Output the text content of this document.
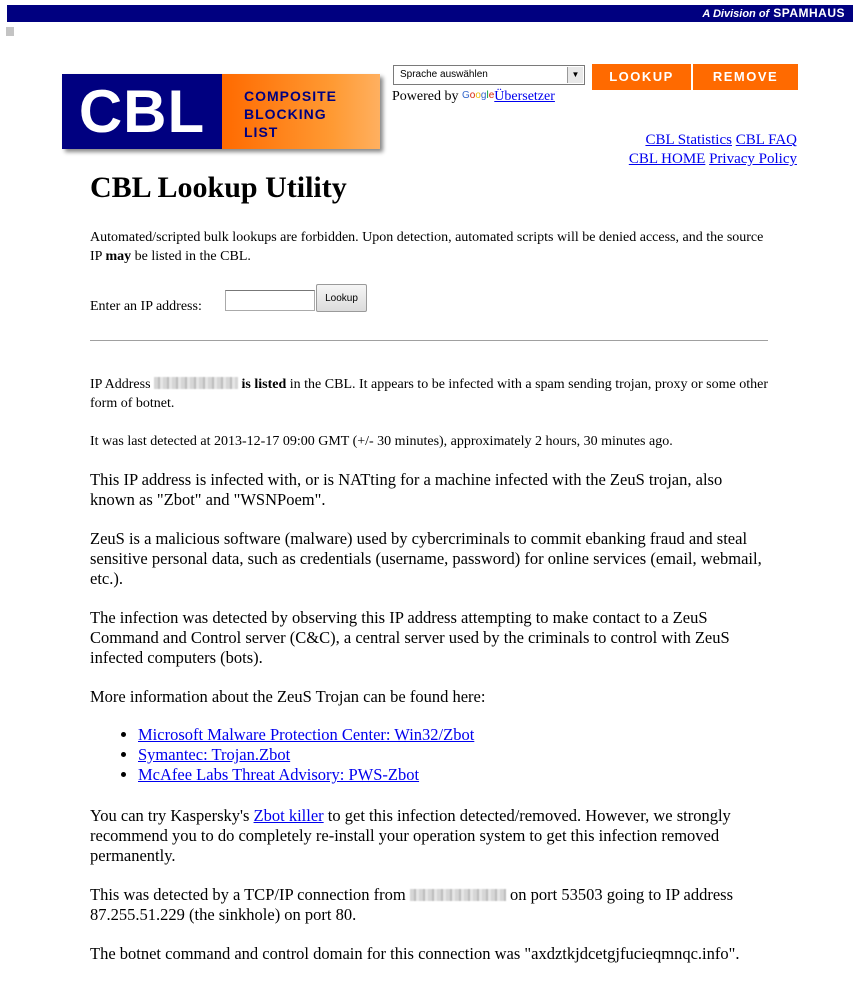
A Division of SPAMHAUS
CBL	COMPOSITE
BLOCKING
LIST
Sprache auswählen	▼
Powered by GoogleÜbersetzer
LOOKUP	REMOVE
CBL Statistics CBL FAQ
CBL HOME Privacy Policy
CBL Lookup Utility
Automated/scripted bulk lookups are forbidden. Upon detection, automated scripts will be denied access, and the source IP may be listed in the CBL.
Enter an IP address:
Lookup
IP Address	is listed in the CBL. It appears to be infected with a spam sending trojan, proxy or some other form of botnet.
It was last detected at 2013-12-17 09:00 GMT (+/- 30 minutes), approximately 2 hours, 30 minutes ago.
This IP address is infected with, or is NATting for a machine infected with the ZeuS trojan, also known as "Zbot" and "WSNPoem".
ZeuS is a malicious software (malware) used by cybercriminals to commit ebanking fraud and steal sensitive personal data, such as credentials (username, password) for online services (email, webmail, etc.).
The infection was detected by observing this IP address attempting to make contact to a ZeuS Command and Control server (C&C), a central server used by the criminals to control with ZeuS infected computers (bots).
More information about the ZeuS Trojan can be found here:
• Microsoft Malware Protection Center: Win32/Zbot
• Symantec: Trojan.Zbot
• McAfee Labs Threat Advisory: PWS-Zbot
You can try Kaspersky's Zbot killer to get this infection detected/removed. However, we strongly recommend you to do completely re-install your operation system to get this infection removed permanently.
This was detected by a TCP/IP connection from	on port 53503 going to IP address 87.255.51.229 (the sinkhole) on port 80.
The botnet command and control domain for this connection was "axdztkjdcetgjfucieqmnqc.info".
